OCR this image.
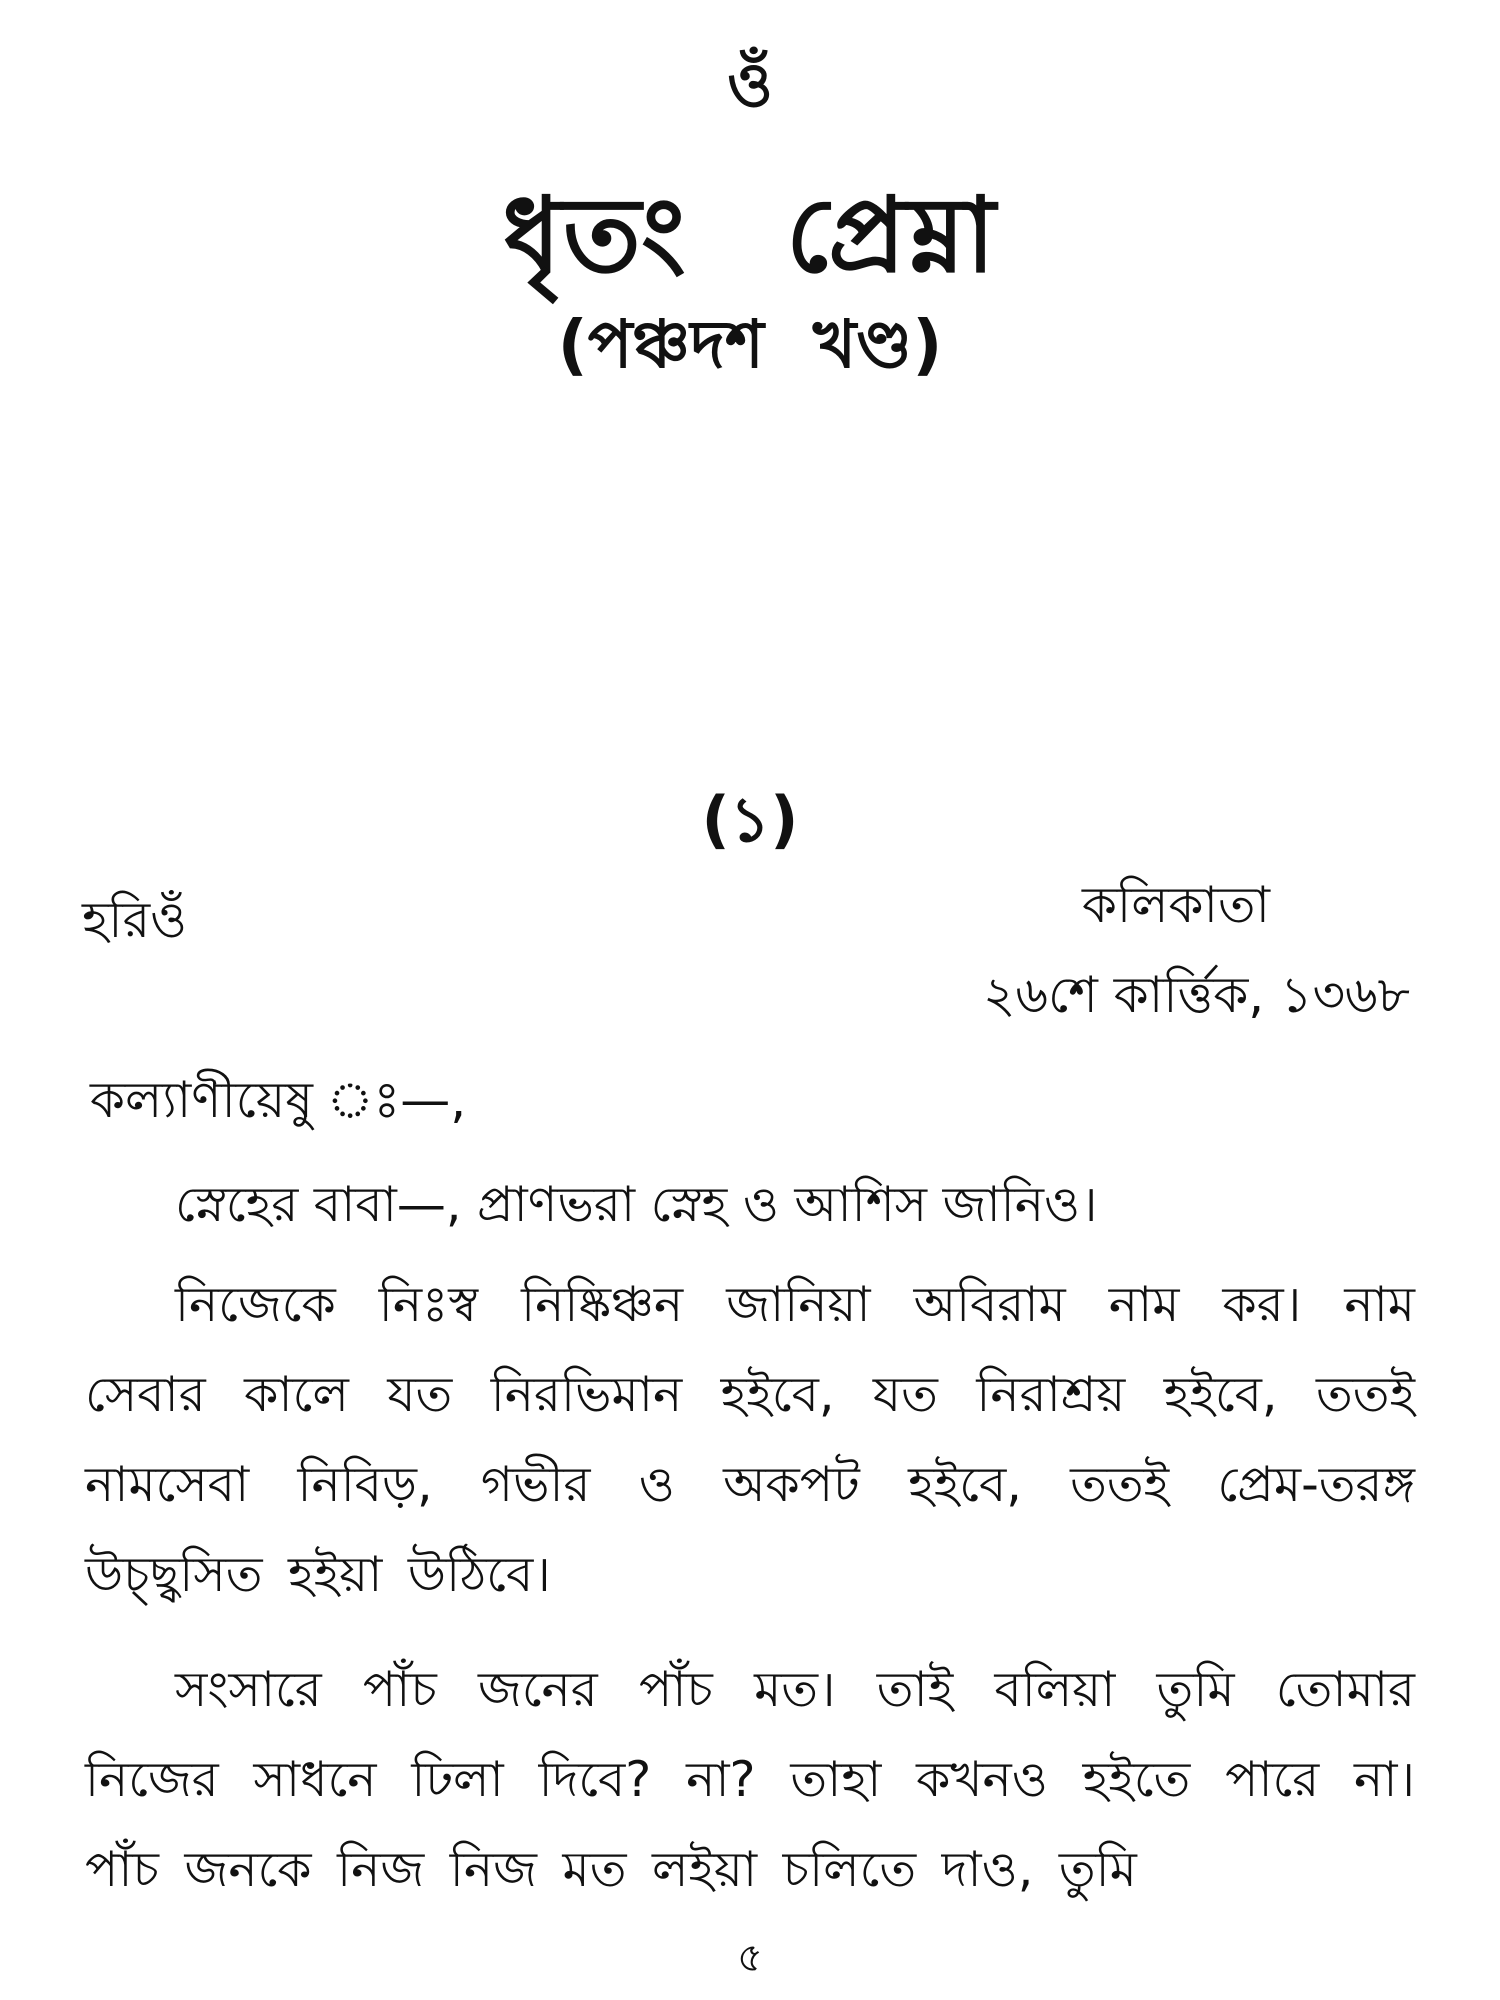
ওঁ
ধৃতং প্রেম্না
(পঞ্চদশ খণ্ড)
(১)
হরিওঁ	কলিকাতা
২৬শে কার্ত্তিক, ১৩৬৮
কল্যাণীয়েষু ঃ—,
স্নেহের বাবা—, প্রাণভরা স্নেহ ও আশিস জানিও।
নিজেকে নিঃস্ব নিষ্কিঞ্চন জানিয়া অবিরাম নাম কর। নাম সেবার কালে যত নিরভিমান হইবে, যত নিরাশ্রয় হইবে, ততই নামসেবা নিবিড়, গভীর ও অকপট হইবে, ততই প্রেম-তরঙ্গ উচ্ছ্বসিত হইয়া উঠিবে।
সংসারে পাঁচ জনের পাঁচ মত। তাই বলিয়া তুমি তোমার নিজের সাধনে ঢিলা দিবে? না? তাহা কখনও হইতে পারে না। পাঁচ জনকে নিজ নিজ মত লইয়া চলিতে দাও, তুমি
৫
